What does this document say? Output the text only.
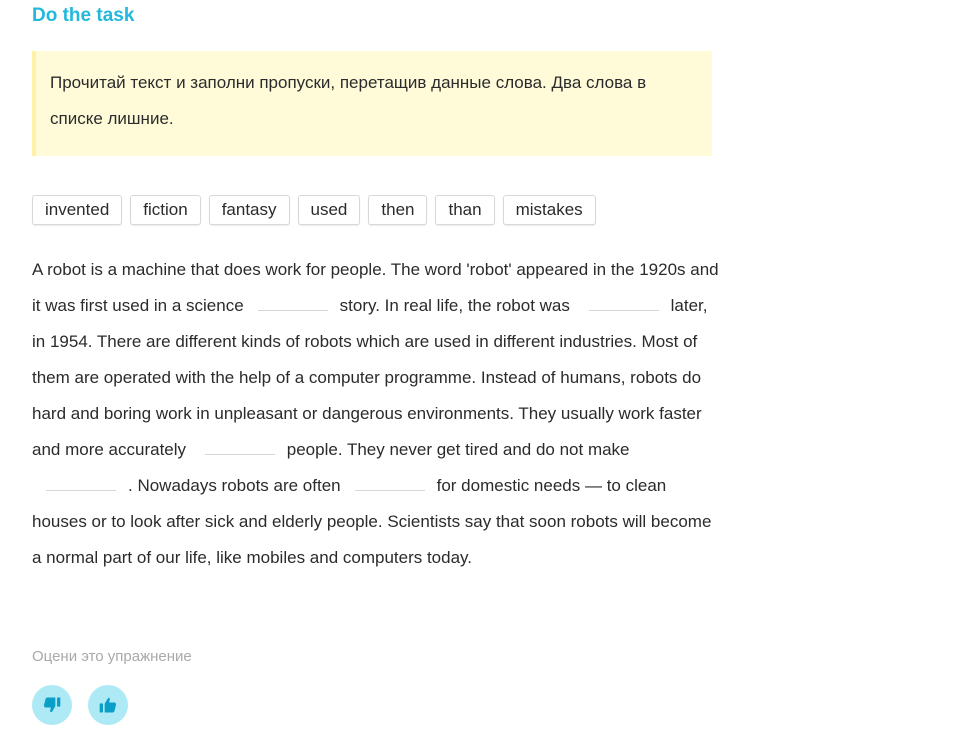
Do the task
Прочитай текст и заполни пропуски, перетащив данные слова. Два слова в списке лишние.
invented	fiction	fantasy	used	then	than	mistakes
A robot is a machine that does work for people. The word 'robot' appeared in the 1920s and it was first used in a science	story. In real life, the robot was	later, in 1954. There are different kinds of robots which are used in different industries. Most of them are operated with the help of a computer programme. Instead of humans, robots do hard and boring work in unpleasant or dangerous environments. They usually work faster and more accurately	people. They never get tired and do not make. Nowadays robots are often	for domestic needs — to clean houses or to look after sick and elderly people. Scientists say that soon robots will become a normal part of our life, like mobiles and computers today.
Оцени это упражнение
